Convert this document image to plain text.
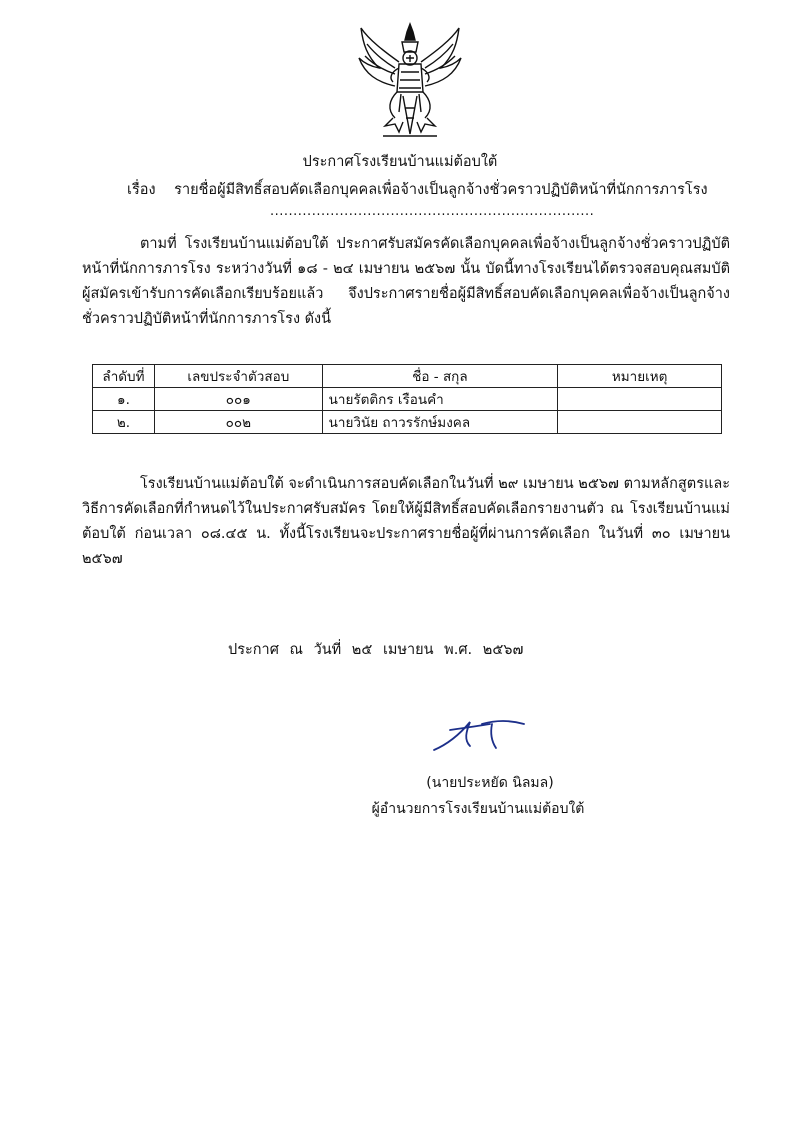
ประกาศโรงเรียนบ้านแม่ต้อบใต้
เรื่อง รายชื่อผู้มีสิทธิ์สอบคัดเลือกบุคคลเพื่อจ้างเป็นลูกจ้างชั่วคราวปฏิบัติหน้าที่นักการภารโรง
......................................................................
ตามที่ โรงเรียนบ้านแม่ต้อบใต้ ประกาศรับสมัครคัดเลือกบุคคลเพื่อจ้างเป็นลูกจ้างชั่วคราวปฏิบัติหน้าที่นักการภารโรง ระหว่างวันที่ ๑๘ - ๒๔ เมษายน ๒๕๖๗ นั้น บัดนี้ทางโรงเรียนได้ตรวจสอบคุณสมบัติผู้สมัครเข้ารับการคัดเลือกเรียบร้อยแล้ว จึงประกาศรายชื่อผู้มีสิทธิ์สอบคัดเลือกบุคคลเพื่อจ้างเป็นลูกจ้างชั่วคราวปฏิบัติหน้าที่นักการภารโรง ดังนี้
ลำดับที่	เลขประจำตัวสอบ	ชื่อ - สกุล	หมายเหตุ
๑.	๐๐๑	นายรัตติกร เรือนคำ	
๒.	๐๐๒	นายวินัย ถาวรรักษ์มงคล	
โรงเรียนบ้านแม่ต้อบใต้ จะดำเนินการสอบคัดเลือกในวันที่ ๒๙ เมษายน ๒๕๖๗ ตามหลักสูตรและวิธีการคัดเลือกที่กำหนดไว้ในประกาศรับสมัคร โดยให้ผู้มีสิทธิ์สอบคัดเลือกรายงานตัว ณ โรงเรียนบ้านแม่ต้อบใต้ ก่อนเวลา ๐๘.๔๕ น. ทั้งนี้โรงเรียนจะประกาศรายชื่อผู้ที่ผ่านการคัดเลือก ในวันที่ ๓๐ เมษายน ๒๕๖๗
ประกาศ ณ วันที่ ๒๕ เมษายน พ.ศ. ๒๕๖๗
(นายประหยัด นิลมล)
ผู้อำนวยการโรงเรียนบ้านแม่ต้อบใต้
